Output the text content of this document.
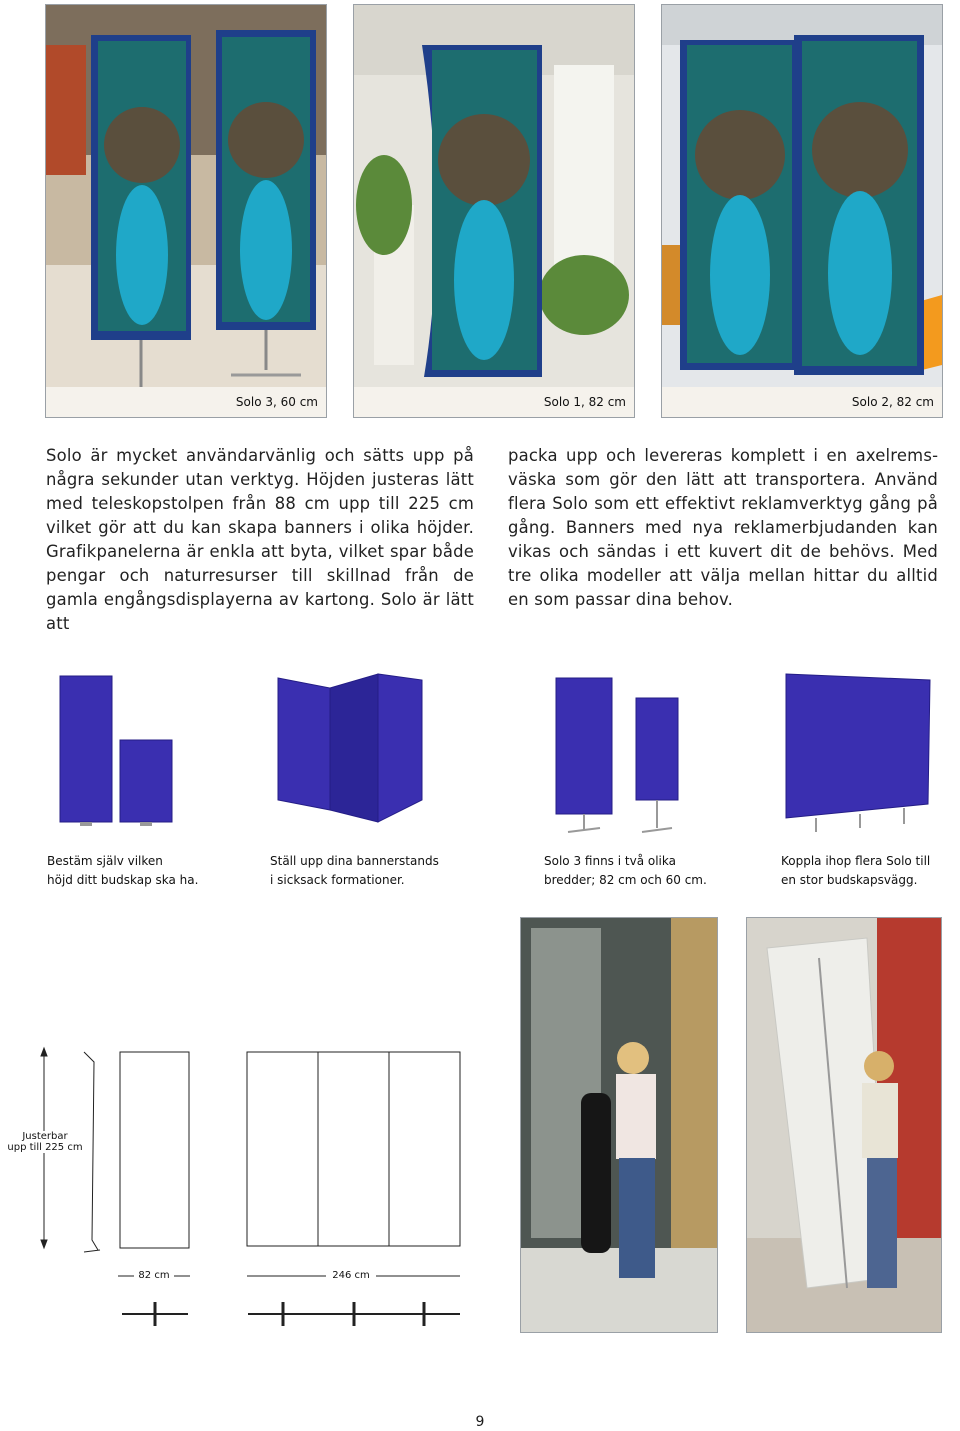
Solo 3, 60 cm	Solo 1, 82 cm	Solo 2, 82 cm

Solo är mycket användarvänlig och sätts upp på några sekunder utan verktyg. Höjden justeras lätt med teleskopstolpen från 88 cm upp till 225 cm vilket gör att du kan skapa banners i olika höjder. Grafikpanelerna är enkla att byta, vilket spar både pengar och naturresurser till skillnad från de gamla engångsdisplayerna av kartong. Solo är lätt att

packa upp och levereras komplett i en axelremsväska som gör den lätt att transportera. Använd flera Solo som ett effektivt reklamverktyg gång på gång. Banners med nya reklamerbjudanden kan vikas och sändas i ett kuvert dit de behövs. Med tre olika modeller att välja mellan hittar du alltid en som passar dina behov.

Bestäm själv vilken
höjd ditt budskap ska ha.
Ställ upp dina bannerstands
i sicksack formationer.
Solo 3 finns i två olika
bredder; 82 cm och 60 cm.
Koppla ihop flera Solo till
en stor budskapsvägg.
Justerbar
upp till 225 cm
82 cm	246 cm
9
